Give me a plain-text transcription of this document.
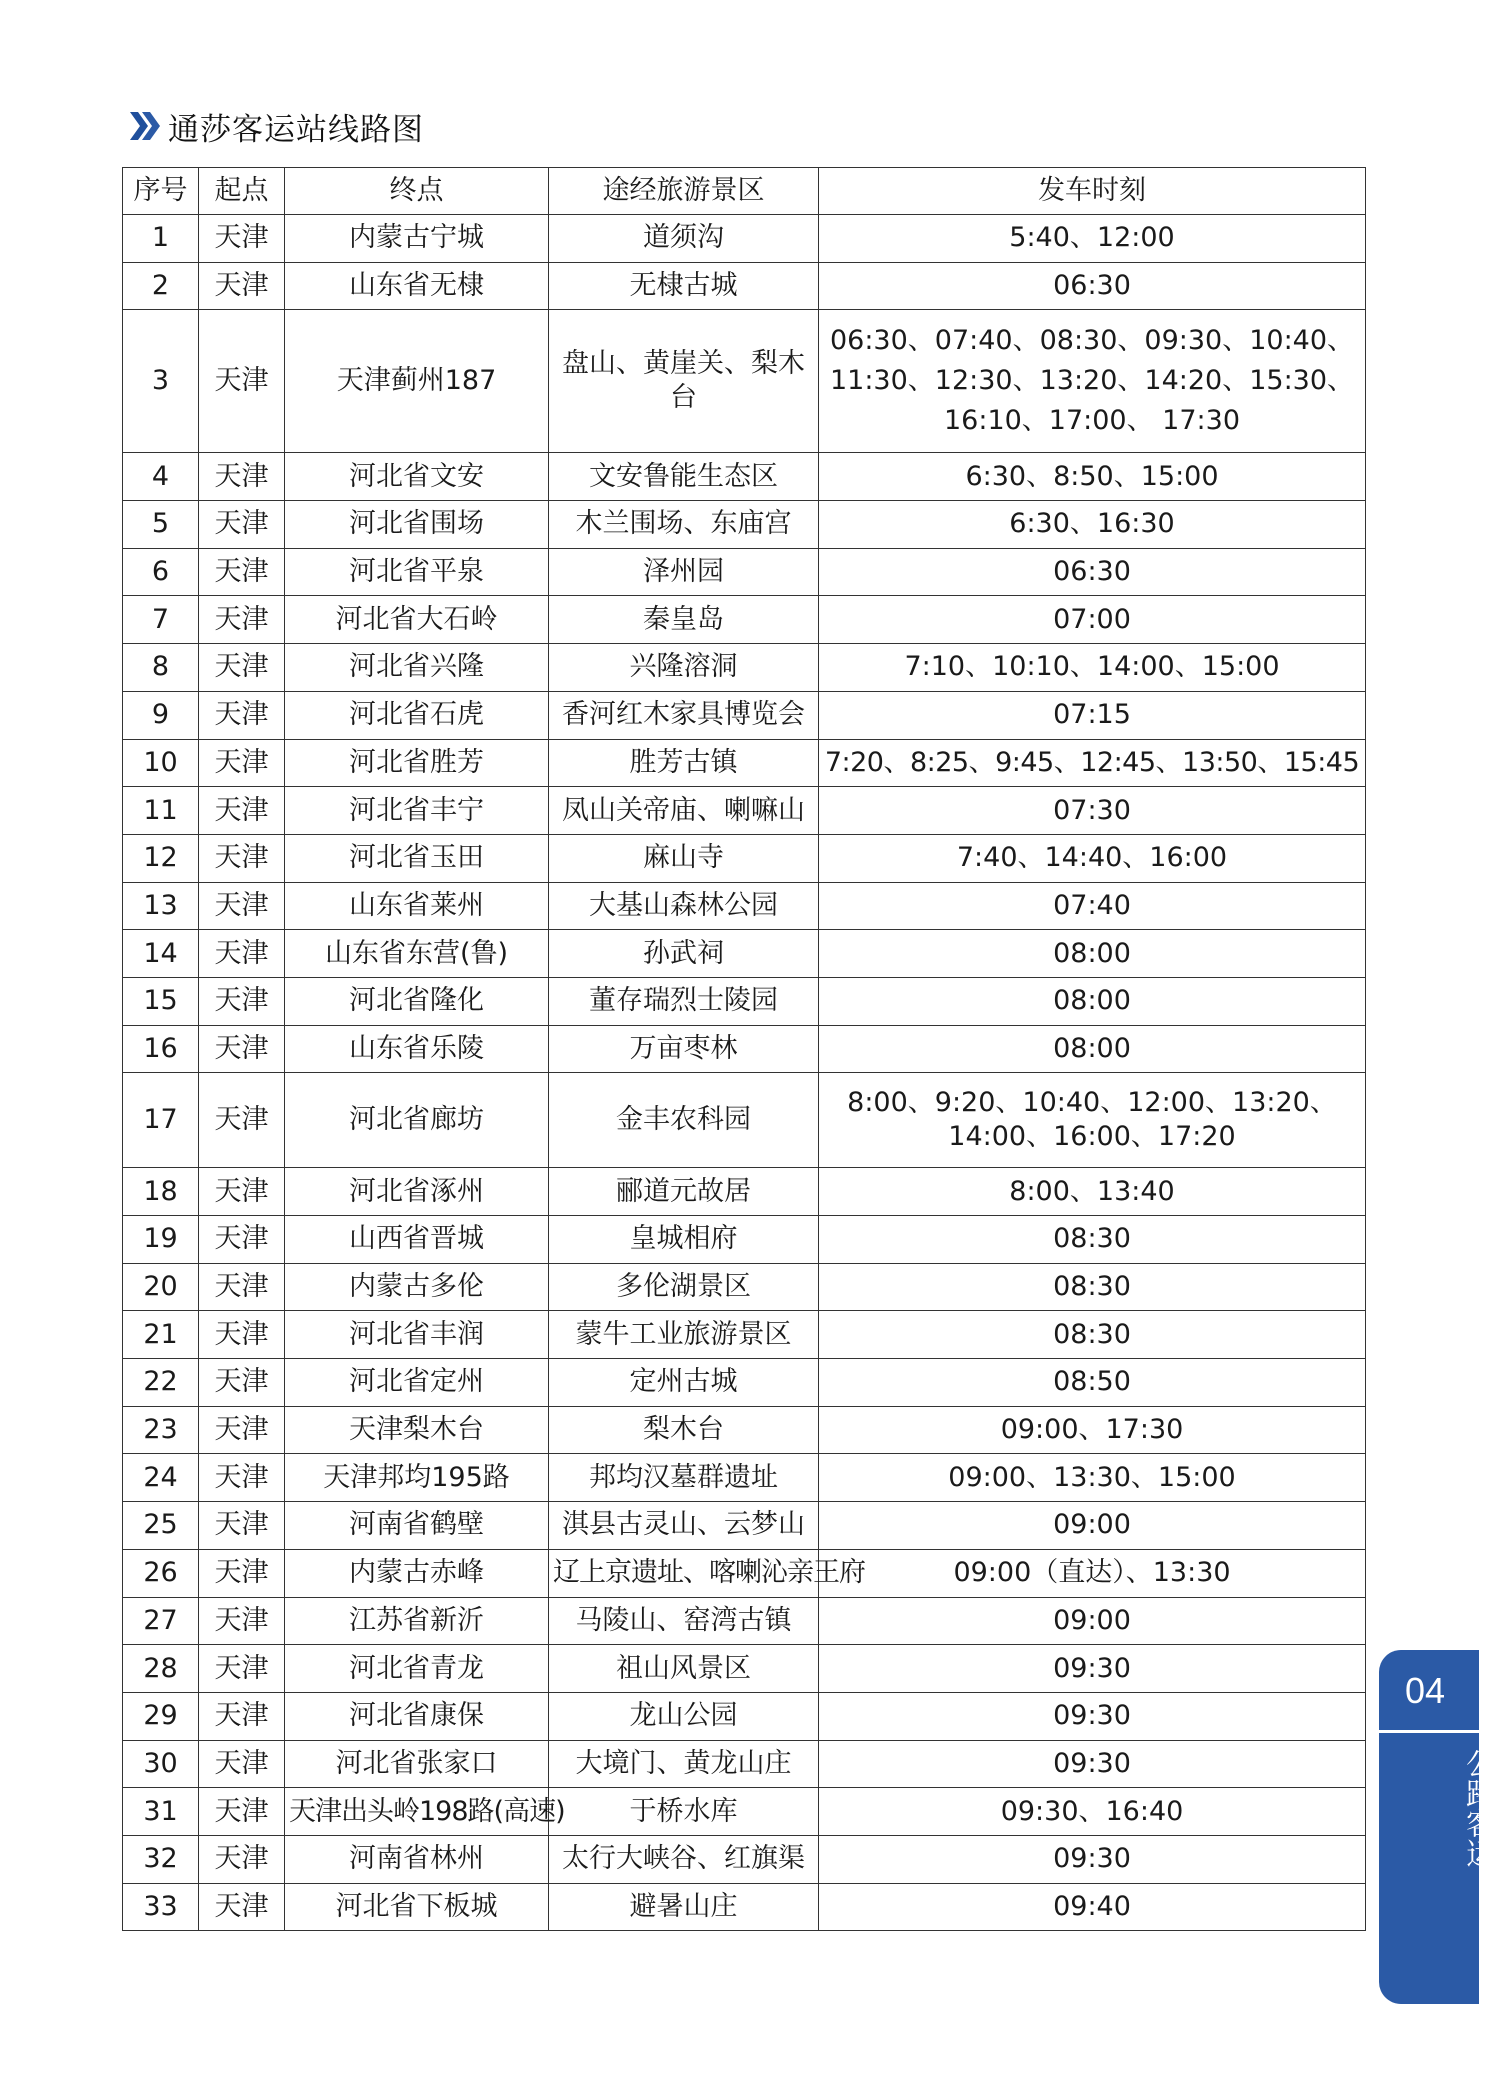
通莎客运站线路图
序号	起点	终点	途经旅游景区	发车时刻
1	天津	内蒙古宁城	道须沟	5:40、12:00
2	天津	山东省无棣	无棣古城	06:30
3	天津	天津蓟州187	盘山、黄崖关、梨木台	06:30、07:40、08:30、09:30、10:40、11:30、12:30、13:20、14:20、15:30、16:10、17:00、 17:30
4	天津	河北省文安	文安鲁能生态区	6:30、8:50、15:00
5	天津	河北省围场	木兰围场、东庙宫	6:30、16:30
6	天津	河北省平泉	泽州园	06:30
7	天津	河北省大石岭	秦皇岛	07:00
8	天津	河北省兴隆	兴隆溶洞	7:10、10:10、14:00、15:00
9	天津	河北省石虎	香河红木家具博览会	07:15
10	天津	河北省胜芳	胜芳古镇	7:20、8:25、9:45、12:45、13:50、15:45
11	天津	河北省丰宁	凤山关帝庙、喇嘛山	07:30
12	天津	河北省玉田	麻山寺	7:40、14:40、16:00
13	天津	山东省莱州	大基山森林公园	07:40
14	天津	山东省东营(鲁)	孙武祠	08:00
15	天津	河北省隆化	董存瑞烈士陵园	08:00
16	天津	山东省乐陵	万亩枣林	08:00
17	天津	河北省廊坊	金丰农科园	8:00、9:20、10:40、12:00、13:20、14:00、16:00、17:20
18	天津	河北省涿州	郦道元故居	8:00、13:40
19	天津	山西省晋城	皇城相府	08:30
20	天津	内蒙古多伦	多伦湖景区	08:30
21	天津	河北省丰润	蒙牛工业旅游景区	08:30
22	天津	河北省定州	定州古城	08:50
23	天津	天津梨木台	梨木台	09:00、17:30
24	天津	天津邦均195路	邦均汉墓群遗址	09:00、13:30、15:00
25	天津	河南省鹤壁	淇县古灵山、云梦山	09:00
26	天津	内蒙古赤峰	辽上京遗址、喀喇沁亲王府	09:00（直达）、13:30
27	天津	江苏省新沂	马陵山、窑湾古镇	09:00
28	天津	河北省青龙	祖山风景区	09:30
29	天津	河北省康保	龙山公园	09:30
30	天津	河北省张家口	大境门、黄龙山庄	09:30
31	天津	天津出头岭198路(高速)	于桥水库	09:30、16:40
32	天津	河南省林州	太行大峡谷、红旗渠	09:30
33	天津	河北省下板城	避暑山庄	09:40
04
公路客运
